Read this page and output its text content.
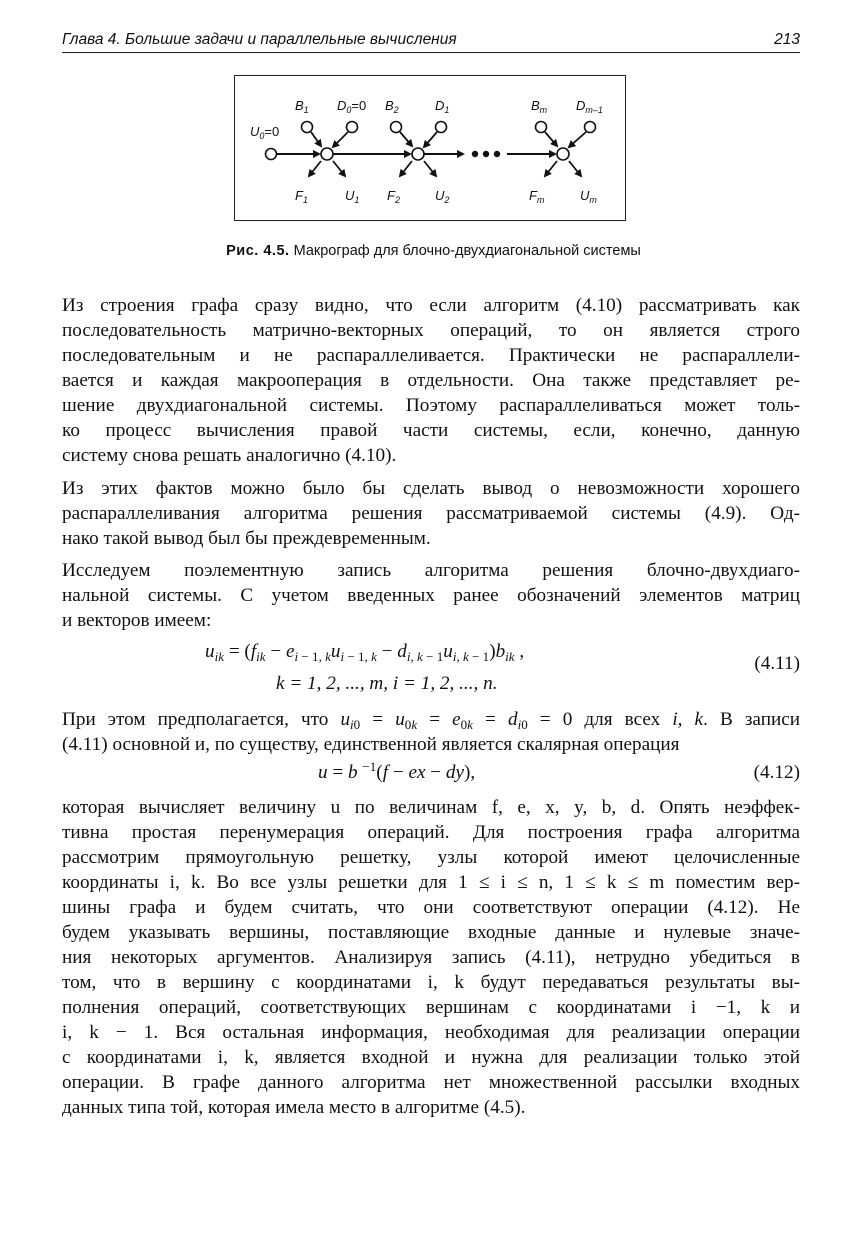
Глава 4. Большие задачи и параллельные вычисления	213
$B_1$ $D_0=0$ $B_2$	$D_1$	$B_m$ $D_{m-1}$
$U_0=0$
$F_1$	$U_1$ $F_2$	$U_2$	$F_m$	$U_m$
Рис. 4.5. Макрограф для блочно-двухдиагональной системы
Из строения графа сразу видно, что если алгоритм (4.10) рассматривать как
последовательность матрично-векторных операций, то он является строго
последовательным и не распараллеливается. Практически не распараллели-
вается и каждая макрооперация в отдельности. Она также представляет ре-
шение двухдиагональной системы. Поэтому распараллеливаться может толь-
ко процесс вычисления правой части системы, если, конечно, данную
систему снова решать аналогично (4.10).
Из этих фактов можно было бы сделать вывод о невозможности хорошего
распараллеливания алгоритма решения рассматриваемой системы (4.9). Од-
нако такой вывод был бы преждевременным.
Исследуем поэлементную запись алгоритма решения блочно-двухдиаго-
нальной системы. С учетом введенных ранее обозначений элементов матриц
и векторов имеем:
$u_{ik} = (f_{ik} - e_i$ $_{- 1,}$ $_ku_i$ $_{- 1,}$ $_k - d_{i, k}$ $_{- 1}u_{i, k}$ $_{- 1})b_{ik}$ ,
k = 1, 2, ..., m, i = 1, 2, ..., n.
(4.11)
При этом предполагается, что $u_{i0} = u_{0k} = e_{0k} = d_{i0} = 0$ для всех i, k. В записи
(4.11) основной и, по существу, единственной является скалярная операция
u = b $^{-1}$(f − ex − dy),	(4.12)
которая вычисляет величину u по величинам f, e, x, y, b, d. Опять неэффек-
тивна простая перенумерация операций. Для построения графа алгоритма
рассмотрим прямоугольную решетку, узлы которой имеют целочисленные
координаты i, k. Во все узлы решетки для 1 ≤ i ≤ n, 1 ≤ k ≤ m поместим вер-
шины графа и будем считать, что они соответствуют операции (4.12). Не
будем указывать вершины, поставляющие входные данные и нулевые значе-
ния некоторых аргументов. Анализируя запись (4.11), нетрудно убедиться в
том, что в вершину с координатами i, k будут передаваться результаты вы-
полнения операций, соответствующих вершинам с координатами i −1, k и
i, k − 1. Вся остальная информация, необходимая для реализации операции
с координатами i, k, является входной и нужна для реализации только этой
операции. В графе данного алгоритма нет множественной рассылки входных
данных типа той, которая имела место в алгоритме (4.5).
